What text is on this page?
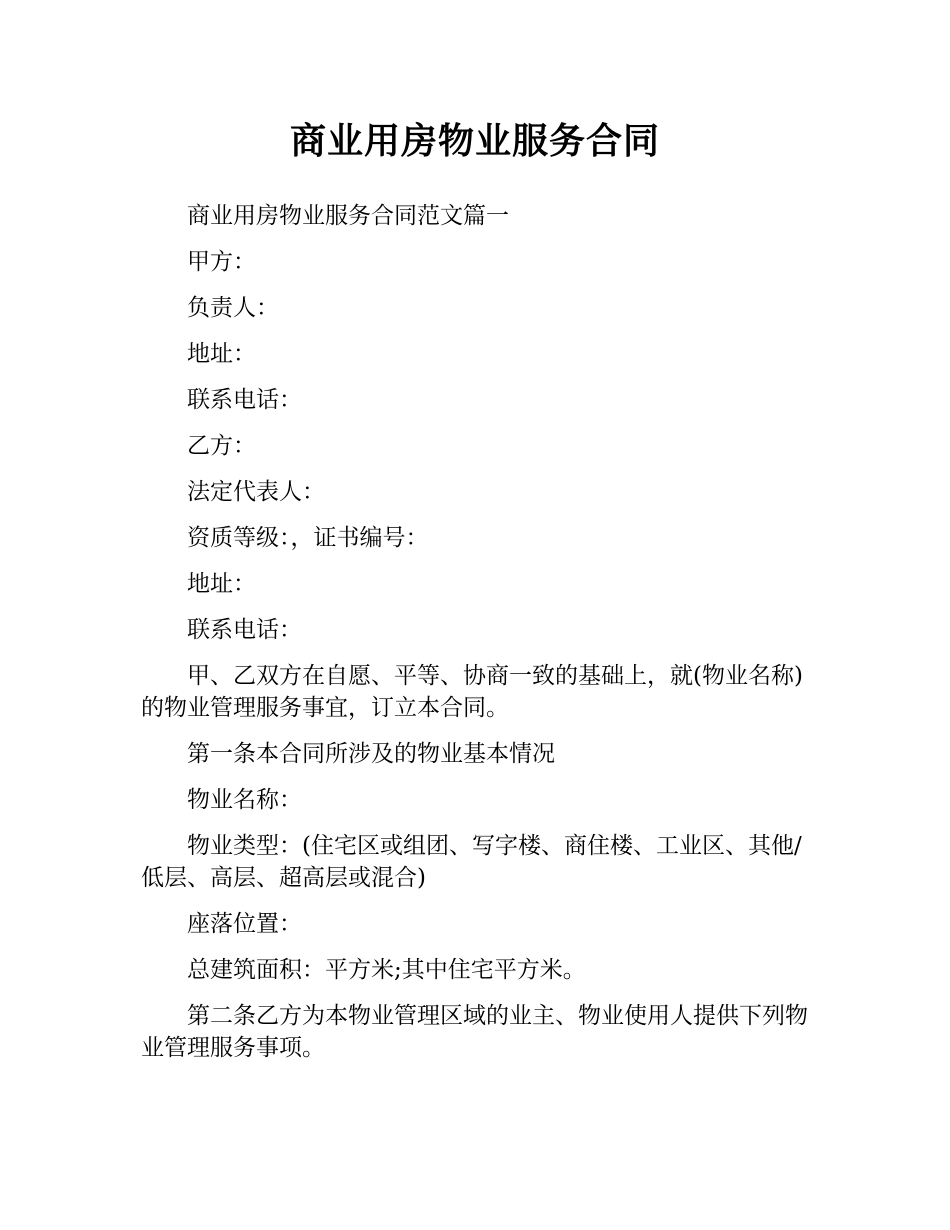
商业用房物业服务合同

商业用房物业服务合同范文篇一

甲方：

负责人：

地址：

联系电话：

乙方：

法定代表人：

资质等级：，证书编号：

地址：

联系电话：

甲、乙双方在自愿、平等、协商一致的基础上，就(物业名称)的物业管理服务事宜，订立本合同。

第一条本合同所涉及的物业基本情况

物业名称：

物业类型：(住宅区或组团、写字楼、商住楼、工业区、其他/低层、高层、超高层或混合)

座落位置：

总建筑面积：平方米;其中住宅平方米。

第二条乙方为本物业管理区域的业主、物业使用人提供下列物业管理服务事项。
